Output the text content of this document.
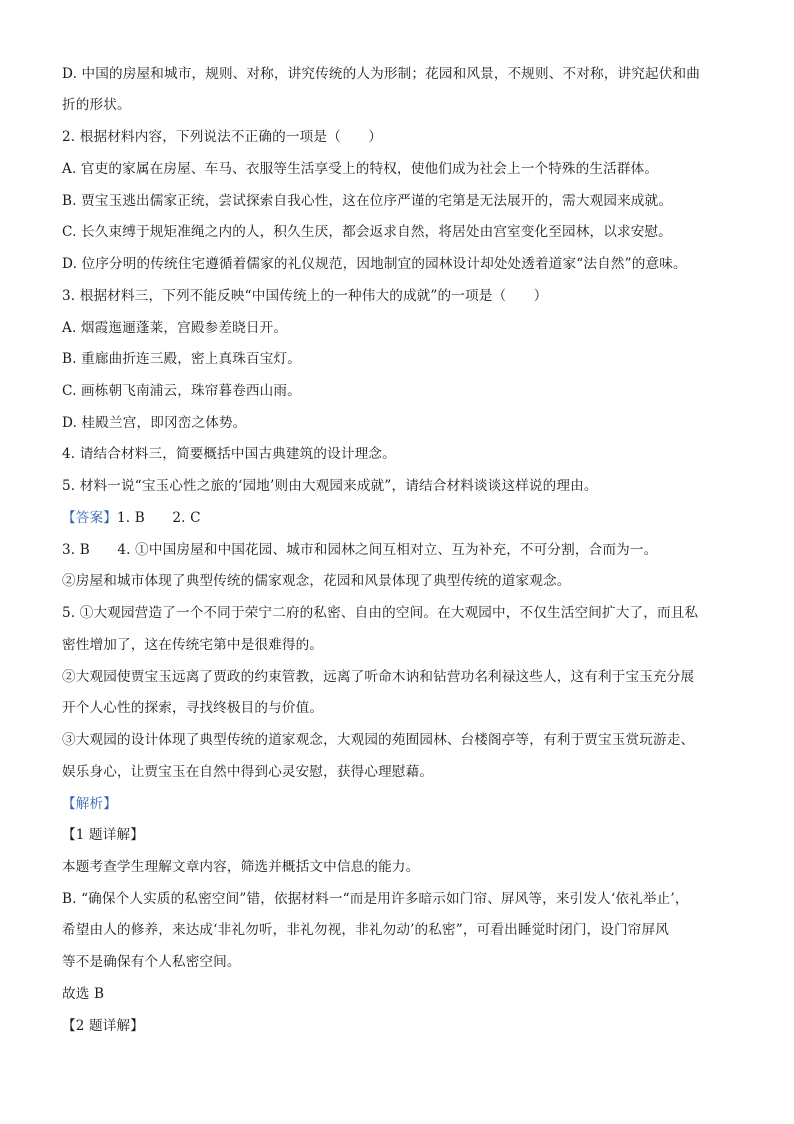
D. 中国的房屋和城市，规则、对称，讲究传统的人为形制；花园和风景，不规则、不对称，讲究起伏和曲
折的形状。
2. 根据材料内容，下列说法不正确的一项是（　　）
A. 官吏的家属在房屋、车马、衣服等生活享受上的特权，使他们成为社会上一个特殊的生活群体。
B. 贾宝玉逃出儒家正统，尝试探索自我心性，这在位序严谨的宅第是无法展开的，需大观园来成就。
C. 长久束缚于规矩准绳之内的人，积久生厌，都会返求自然，将居处由宫室变化至园林，以求安慰。
D. 位序分明的传统住宅遵循着儒家的礼仪规范，因地制宜的园林设计却处处透着道家“法自然”的意味。
3. 根据材料三，下列不能反映“中国传统上的一种伟大的成就”的一项是（　　）
A. 烟霞迤逦蓬莱，宫殿参差晓日开。
B. 重廊曲折连三殿，密上真珠百宝灯。
C. 画栋朝飞南浦云，珠帘暮卷西山雨。
D. 桂殿兰宫，即冈峦之体势。
4. 请结合材料三，简要概括中国古典建筑的设计理念。
5. 材料一说“宝玉心性之旅的‘园地’则由大观园来成就”，请结合材料谈谈这样说的理由。
【答案】1. B　　2. C
3. B　　4. ①中国房屋和中国花园、城市和园林之间互相对立、互为补充，不可分割，合而为一。
②房屋和城市体现了典型传统的儒家观念，花园和风景体现了典型传统的道家观念。
5. ①大观园营造了一个不同于荣宁二府的私密、自由的空间。在大观园中，不仅生活空间扩大了，而且私
密性增加了，这在传统宅第中是很难得的。
②大观园使贾宝玉远离了贾政的约束管教，远离了听命木讷和钻营功名利禄这些人，这有利于宝玉充分展
开个人心性的探索，寻找终极目的与价值。
③大观园的设计体现了典型传统的道家观念，大观园的苑囿园林、台楼阁亭等，有利于贾宝玉赏玩游走、
娱乐身心，让贾宝玉在自然中得到心灵安慰，获得心理慰藉。
【解析】
【1 题详解】
本题考查学生理解文章内容，筛选并概括文中信息的能力。
B. “确保个人实质的私密空间”错，依据材料一“而是用许多暗示如门帘、屏风等，来引发人‘依礼举止’，
希望由人的修养，来达成‘非礼勿听，非礼勿视，非礼勿动’的私密”，可看出睡觉时闭门，设门帘屏风
等不是确保有个人私密空间。
故选 B
【2 题详解】
